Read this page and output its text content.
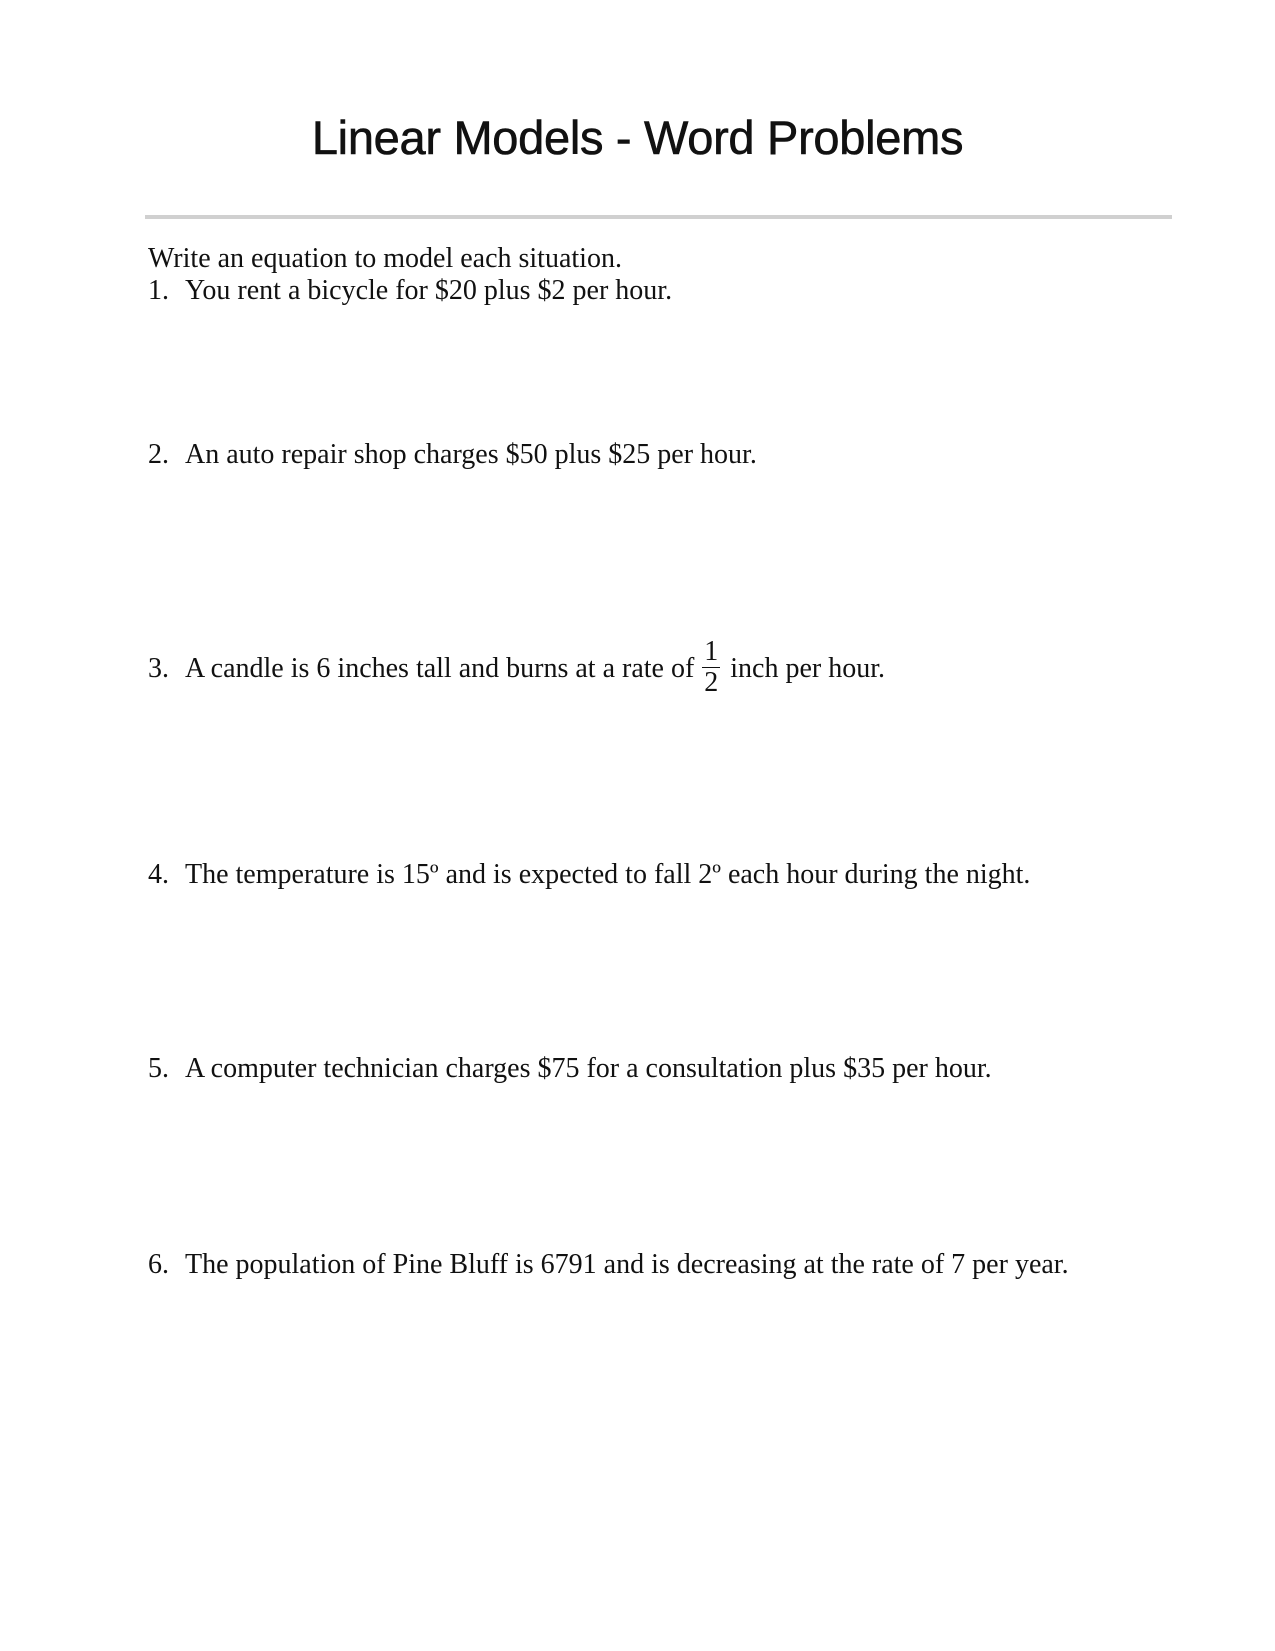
Linear Models - Word Problems
Write an equation to model each situation.
1. You rent a bicycle for $20 plus $2 per hour.
2. An auto repair shop charges $50 plus $25 per hour.
3. A candle is 6 inches tall and burns at a rate of $\frac{1}{2}$ inch per hour.
4. The temperature is 15º and is expected to fall 2º each hour during the night.
5. A computer technician charges $75 for a consultation plus $35 per hour.
6. The population of Pine Bluff is 6791 and is decreasing at the rate of 7 per year.
